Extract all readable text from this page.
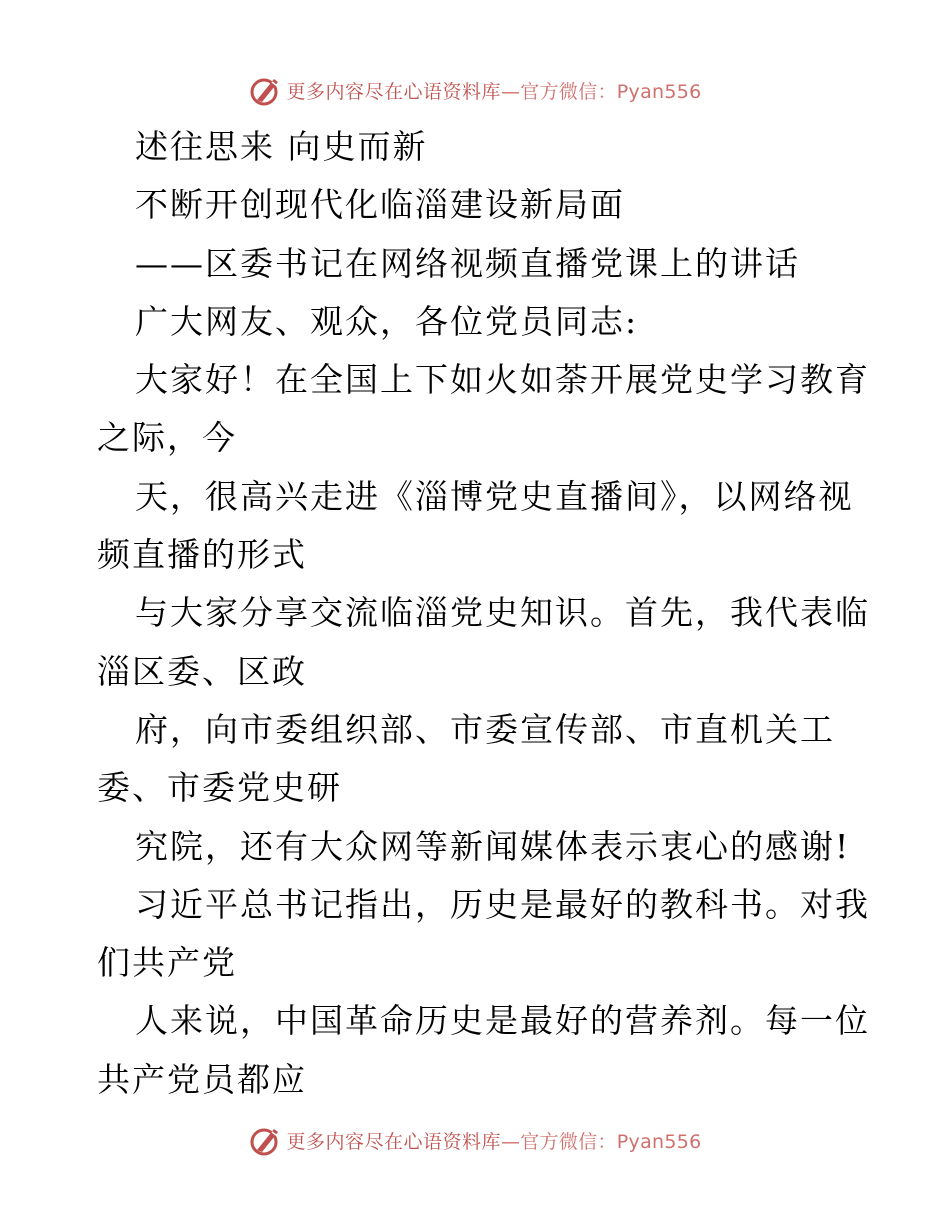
更多内容尽在心语资料库 —官方微信：Pyan556
述往思来 向史而新
不断开创现代化临淄建设新局面
——区委书记在网络视频直播党课上的讲话
广大网友、观众，各位党员同志:
大家好！在全国上下如火如荼开展党史学习教育
之际，今
天，很高兴走进《淄博党史直播间》，以网络视
频直播的形式
与大家分享交流临淄党史知识。首先，我代表临
淄区委、区政
府，向市委组织部、市委宣传部、市直机关工
委、市委党史研
究院，还有大众网等新闻媒体表示衷心的感谢!
习近平总书记指出，历史是最好的教科书。对我
们共产党
人来说，中国革命历史是最好的营养剂。每一位
共产党员都应
更多内容尽在心语资料库 —官方微信：Pyan556
